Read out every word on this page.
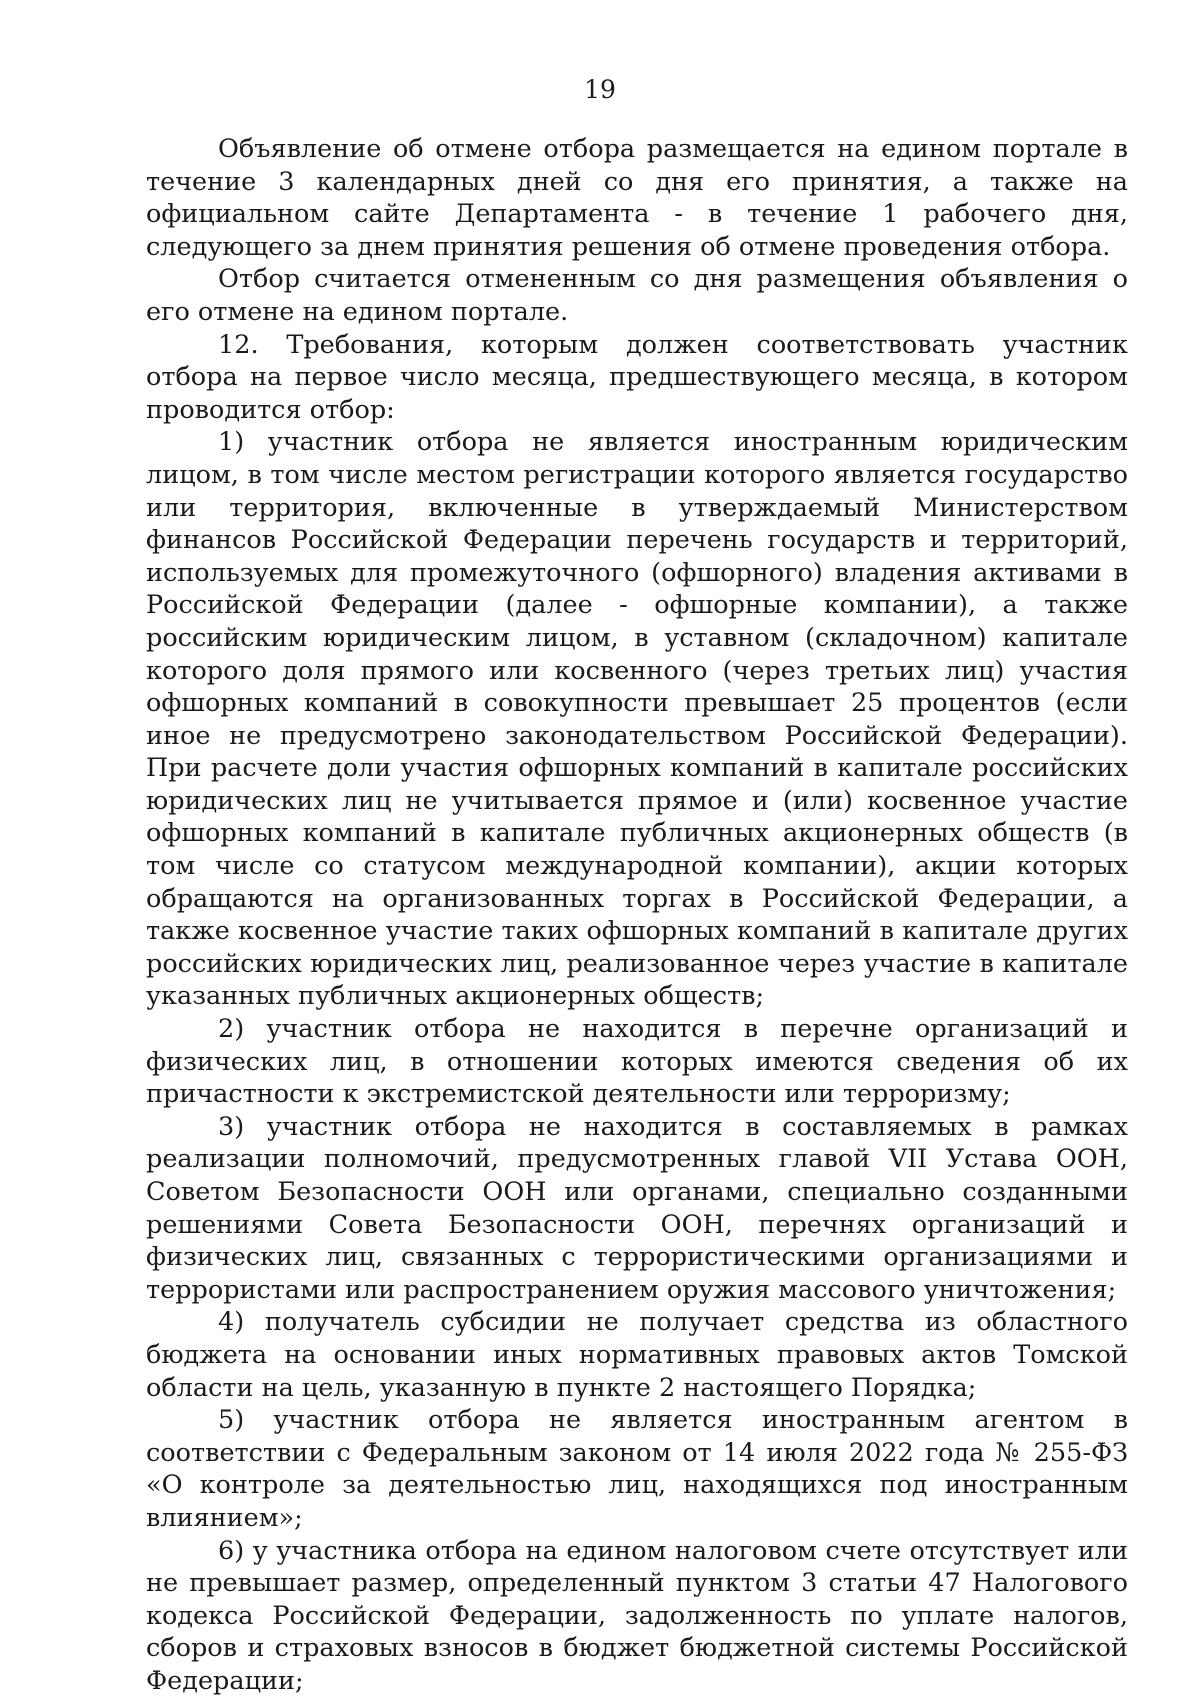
19

Объявление об отмене отбора размещается на едином портале в течение 3 календарных дней со дня его принятия, а также на официальном сайте Департамента - в течение 1 рабочего дня, следующего за днем принятия решения об отмене проведения отбора.

Отбор считается отмененным со дня размещения объявления о его отмене на едином портале.

12. Требования, которым должен соответствовать участник отбора на первое число месяца, предшествующего месяца, в котором проводится отбор:

1) участник отбора не является иностранным юридическим лицом, в том числе местом регистрации которого является государство или территория, включенные в утверждаемый Министерством финансов Российской Федерации перечень государств и территорий, используемых для промежуточного (офшорного) владения активами в Российской Федерации (далее - офшорные компании), а также российским юридическим лицом, в уставном (складочном) капитале которого доля прямого или косвенного (через третьих лиц) участия офшорных компаний в совокупности превышает 25 процентов (если иное не предусмотрено законодательством Российской Федерации). При расчете доли участия офшорных компаний в капитале российских юридических лиц не учитывается прямое и (или) косвенное участие офшорных компаний в капитале публичных акционерных обществ (в том числе со статусом международной компании), акции которых обращаются на организованных торгах в Российской Федерации, а также косвенное участие таких офшорных компаний в капитале других российских юридических лиц, реализованное через участие в капитале указанных публичных акционерных обществ;

2) участник отбора не находится в перечне организаций и физических лиц, в отношении которых имеются сведения об их причастности к экстремистской деятельности или терроризму;

3) участник отбора не находится в составляемых в рамках реализации полномочий, предусмотренных главой VII Устава ООН, Советом Безопасности ООН или органами, специально созданными решениями Совета Безопасности ООН, перечнях организаций и физических лиц, связанных с террористическими организациями и террористами или распространением оружия массового уничтожения;

4) получатель субсидии не получает средства из областного бюджета на основании иных нормативных правовых актов Томской области на цель, указанную в пункте 2 настоящего Порядка;

5) участник отбора не является иностранным агентом в соответствии с Федеральным законом от 14 июля 2022 года № 255-ФЗ «О контроле за деятельностью лиц, находящихся под иностранным влиянием»;

6) у участника отбора на едином налоговом счете отсутствует или не превышает размер, определенный пунктом 3 статьи 47 Налогового кодекса Российской Федерации, задолженность по уплате налогов, сборов и страховых взносов в бюджет бюджетной системы Российской Федерации;
